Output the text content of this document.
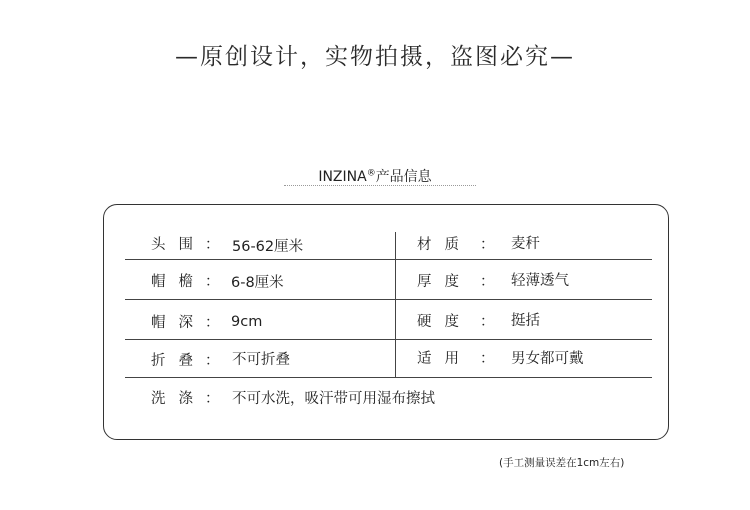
—原创设计，实物拍摄，盗图必究—
INZINA®产品信息
头围 ： 56-62厘米
帽檐 ： 6-8厘米
帽深 ： 9cm
折叠 ： 不可折叠
材质 ： 麦秆
厚度 ： 轻薄透气
硬度 ： 挺括
适用 ： 男女都可戴
洗涤 ： 不可水洗，吸汗带可用湿布擦拭
(手工测量误差在1cm左右)
